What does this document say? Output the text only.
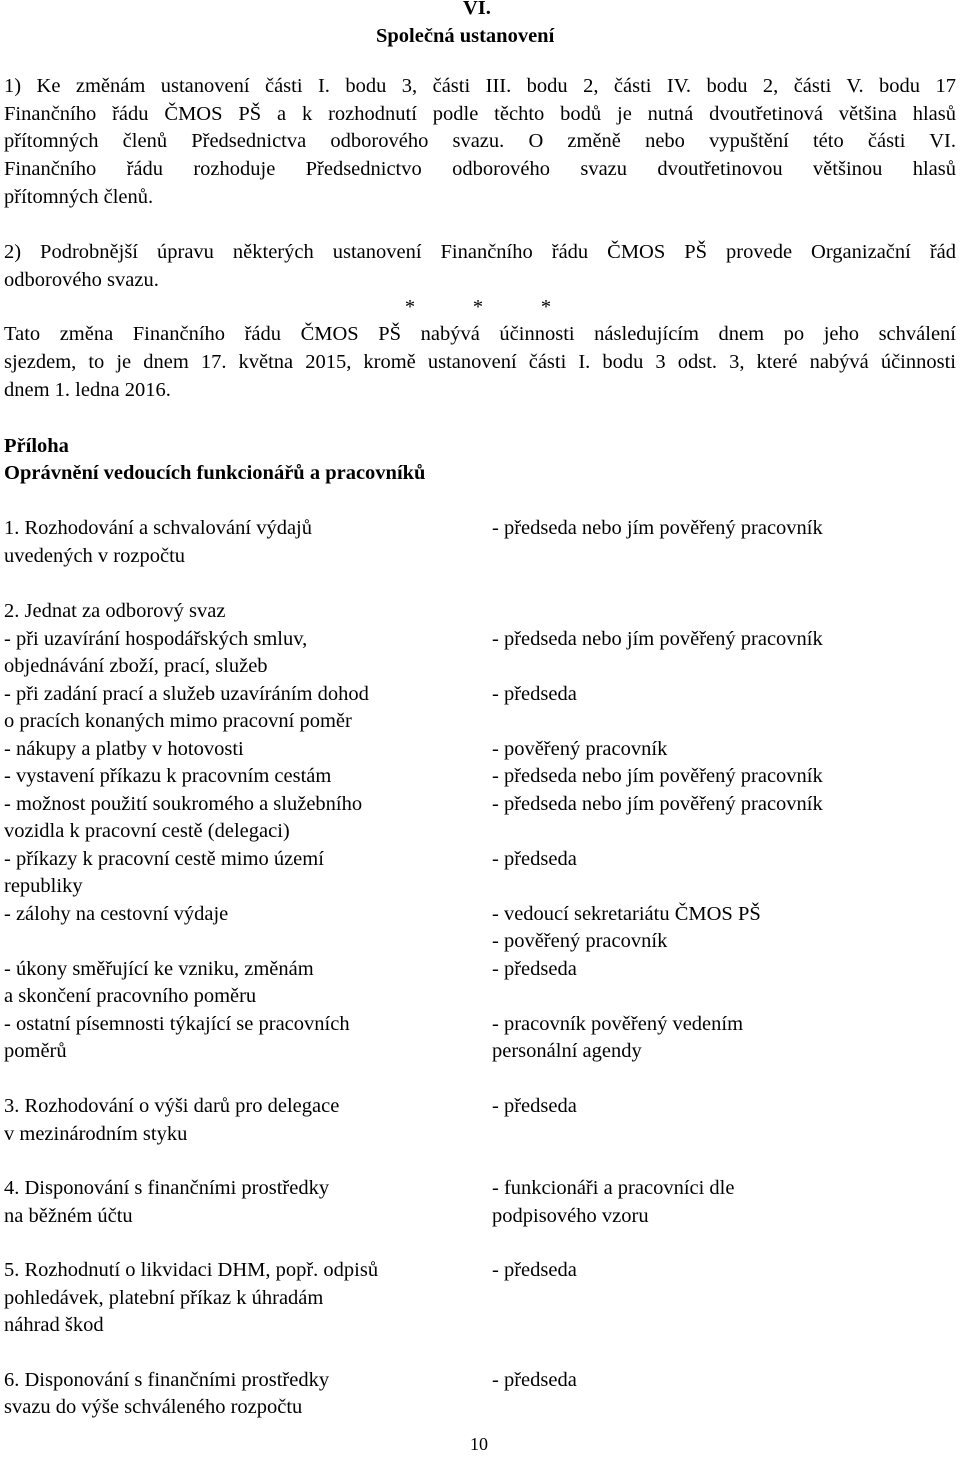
VI.
Společná ustanovení
1) Ke změnám ustanovení části I. bodu 3, části III. bodu 2, části IV. bodu 2, části V. bodu 17
Finančního řádu ČMOS PŠ a k rozhodnutí podle těchto bodů je nutná dvoutřetinová většina hlasů
přítomných členů Předsednictva odborového svazu. O změně nebo vypuštění této části VI.
Finančního řádu rozhoduje Předsednictvo odborového svazu dvoutřetinovou většinou hlasů
přítomných členů.
2) Podrobnější úpravu některých ustanovení Finančního řádu ČMOS PŠ provede Organizační řád
odborového svazu.
*	*	*
Tato změna Finančního řádu ČMOS PŠ nabývá účinnosti následujícím dnem po jeho schválení
sjezdem, to je dnem 17. května 2015, kromě ustanovení části I. bodu 3 odst. 3, které nabývá účinnosti
dnem 1. ledna 2016.
Příloha
Oprávnění vedoucích funkcionářů a pracovníků
1. Rozhodování a schvalování výdajů
uvedených v rozpočtu
2. Jednat za odborový svaz
- při uzavírání hospodářských smluv,
objednávání zboží, prací, služeb
- při zadání prací a služeb uzavíráním dohod
o pracích konaných mimo pracovní poměr
- nákupy a platby v hotovosti
- vystavení příkazu k pracovním cestám
- možnost použití soukromého a služebního
vozidla k pracovní cestě (delegaci)
- příkazy k pracovní cestě mimo území
republiky
- zálohy na cestovní výdaje
- úkony směřující ke vzniku, změnám
a skončení pracovního poměru
- ostatní písemnosti týkající se pracovních
poměrů
3. Rozhodování o výši darů pro delegace
v mezinárodním styku
4. Disponování s finančními prostředky
na běžném účtu
5. Rozhodnutí o likvidaci DHM, popř. odpisů
pohledávek, platební příkaz k úhradám
náhrad škod
6. Disponování s finančními prostředky
svazu do výše schváleného rozpočtu
- předseda nebo jím pověřený pracovník
- předseda nebo jím pověřený pracovník
- předseda
- pověřený pracovník
- předseda nebo jím pověřený pracovník
- předseda nebo jím pověřený pracovník
- předseda
- vedoucí sekretariátu ČMOS PŠ
- pověřený pracovník
- předseda
- pracovník pověřený vedením
personální agendy
- předseda
- funkcionáři a pracovníci dle
podpisového vzoru
- předseda
- předseda
10
